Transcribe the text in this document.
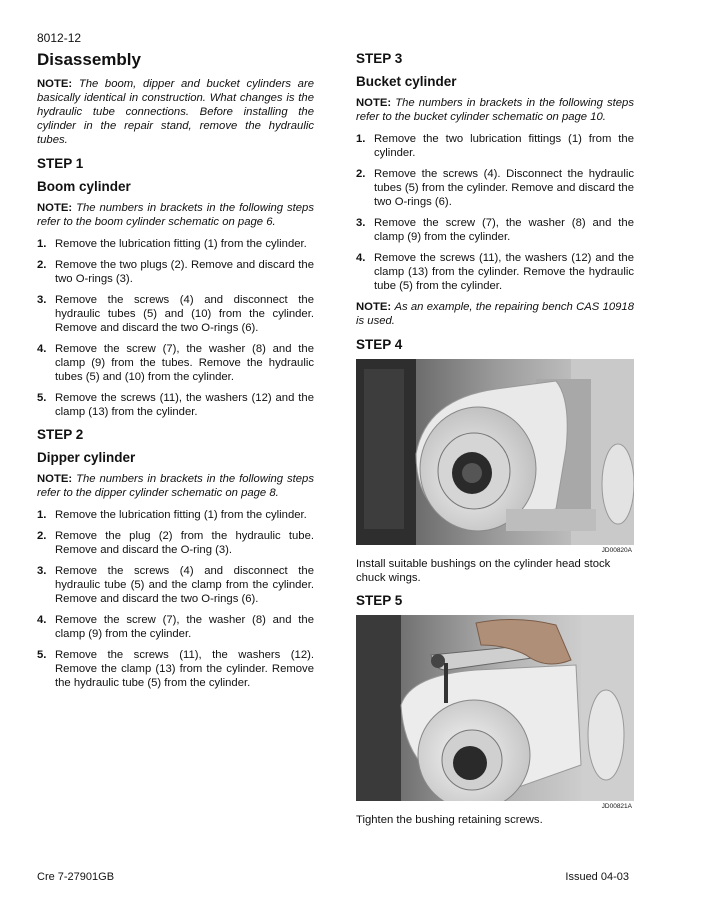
8012-12
Disassembly

NOTE: The boom, dipper and bucket cylinders are basically identical in construction. What changes is the hydraulic tube connections. Before installing the cylinder in the repair stand, remove the hydraulic tubes.

STEP 1
Boom cylinder

NOTE: The numbers in brackets in the following steps refer to the boom cylinder schematic on page 6.

1. Remove the lubrication fitting (1) from the cylinder.
2. Remove the two plugs (2). Remove and discard the two O-rings (3).
3. Remove the screws (4) and disconnect the hydraulic tubes (5) and (10) from the cylinder. Remove and discard the two O-rings (6).
4. Remove the screw (7), the washer (8) and the clamp (9) from the tubes. Remove the hydraulic tubes (5) and (10) from the cylinder.
5. Remove the screws (11), the washers (12) and the clamp (13) from the cylinder.
STEP 2
Dipper cylinder

NOTE: The numbers in brackets in the following steps refer to the dipper cylinder schematic on page 8.

1. Remove the lubrication fitting (1) from the cylinder.
2. Remove the plug (2) from the hydraulic tube. Remove and discard the O-ring (3).
3. Remove the screws (4) and disconnect the hydraulic tube (5) and the clamp from the cylinder. Remove and discard the two O-rings (6).
4. Remove the screw (7), the washer (8) and the clamp (9) from the cylinder.
5. Remove the screws (11), the washers (12). Remove the clamp (13) from the cylinder. Remove the hydraulic tube (5) from the cylinder.
STEP 3
Bucket cylinder

NOTE: The numbers in brackets in the following steps refer to the bucket cylinder schematic on page 10.

1. Remove the two lubrication fittings (1) from the cylinder.
2. Remove the screws (4). Disconnect the hydraulic tubes (5) from the cylinder. Remove and discard the two O-rings (6).
3. Remove the screw (7), the washer (8) and the clamp (9) from the cylinder.
4. Remove the screws (11), the washers (12) and the clamp (13) from the cylinder. Remove the hydraulic tube (5) from the cylinder.

NOTE: As an example, the repairing bench CAS 10918 is used.

STEP 4
JD00820A

Install suitable bushings on the cylinder head stock chuck wings.

STEP 5
JD00821A

Tighten the bushing retaining screws.

Cre 7-27901GB	Issued 04-03
